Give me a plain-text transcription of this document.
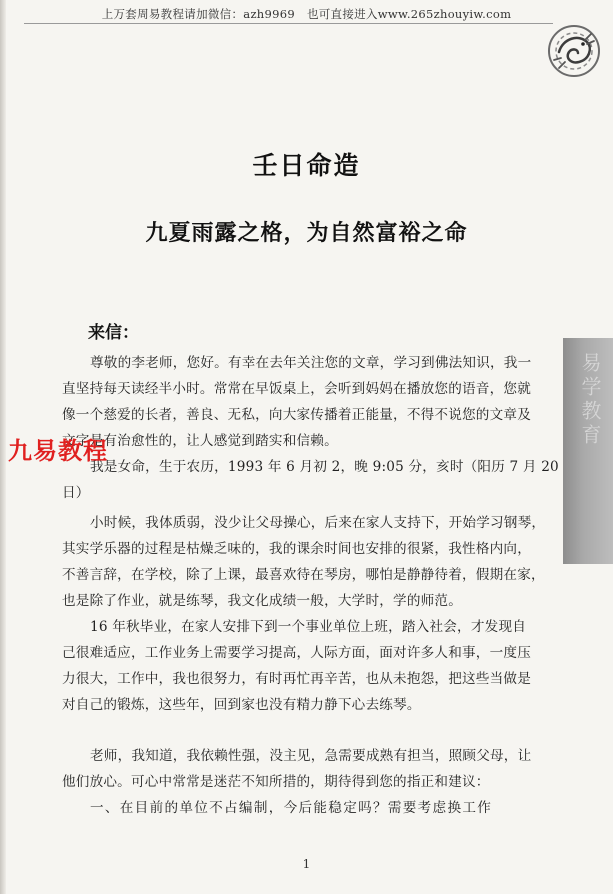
上万套周易教程请加微信：azh9969 也可直接进入www.265zhouyiw.com
易学教育
壬日命造
九夏雨露之格，为自然富裕之命
来信：
尊敬的李老师，您好。有幸在去年关注您的文章，学习到佛法知识，我一
直坚持每天读经半小时。常常在早饭桌上，会听到妈妈在播放您的语音，您就
像一个慈爱的长者，善良、无私，向大家传播着正能量，不得不说您的文章及
文字是有治愈性的，让人感觉到踏实和信赖。
我是女命，生于农历，1993 年 6 月初 2，晚 9:05 分，亥时（阳历 7 月 20
日）
小时候，我体质弱，没少让父母操心，后来在家人支持下，开始学习钢琴，
其实学乐器的过程是枯燥乏味的，我的课余时间也安排的很紧，我性格内向，
不善言辞，在学校，除了上课，最喜欢待在琴房，哪怕是静静待着，假期在家，
也是除了作业，就是练琴，我文化成绩一般，大学时，学的师范。
16 年秋毕业，在家人安排下到一个事业单位上班，踏入社会，才发现自
己很难适应，工作业务上需要学习提高，人际方面，面对许多人和事，一度压
力很大，工作中，我也很努力，有时再忙再辛苦，也从未抱怨，把这些当做是
对自己的锻炼，这些年，回到家也没有精力静下心去练琴。
老师，我知道，我依赖性强，没主见，急需要成熟有担当，照顾父母，让
他们放心。可心中常常是迷茫不知所措的，期待得到您的指正和建议：
一、在目前的单位不占编制，今后能稳定吗？需要考虑换工作
九易教程
1
